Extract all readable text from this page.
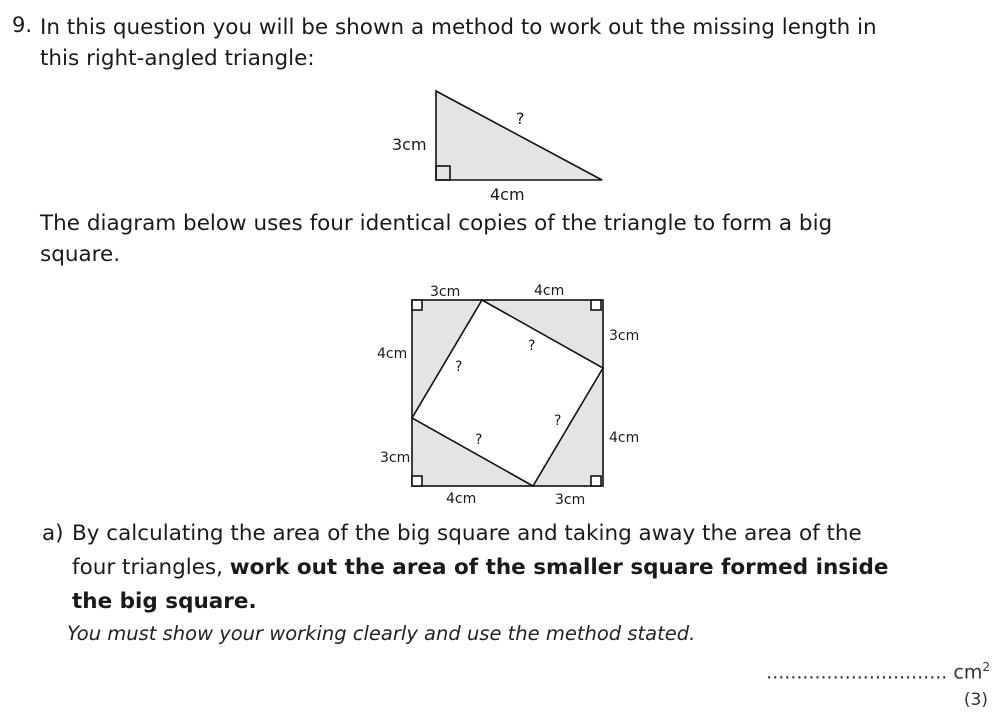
9. In this question you will be shown a method to work out the missing length in this right-angled triangle:
3cm
4cm
?
The diagram below uses four identical copies of the triangle to form a big square.
3cm	4cm
3cm
4cm
4cm	3cm
4cm
3cm
?
?
?
?
a) By calculating the area of the big square and taking away the area of the four triangles, work out the area of the smaller square formed inside the big square.
You must show your working clearly and use the method stated.
.............................. $cm^2$
(3)
